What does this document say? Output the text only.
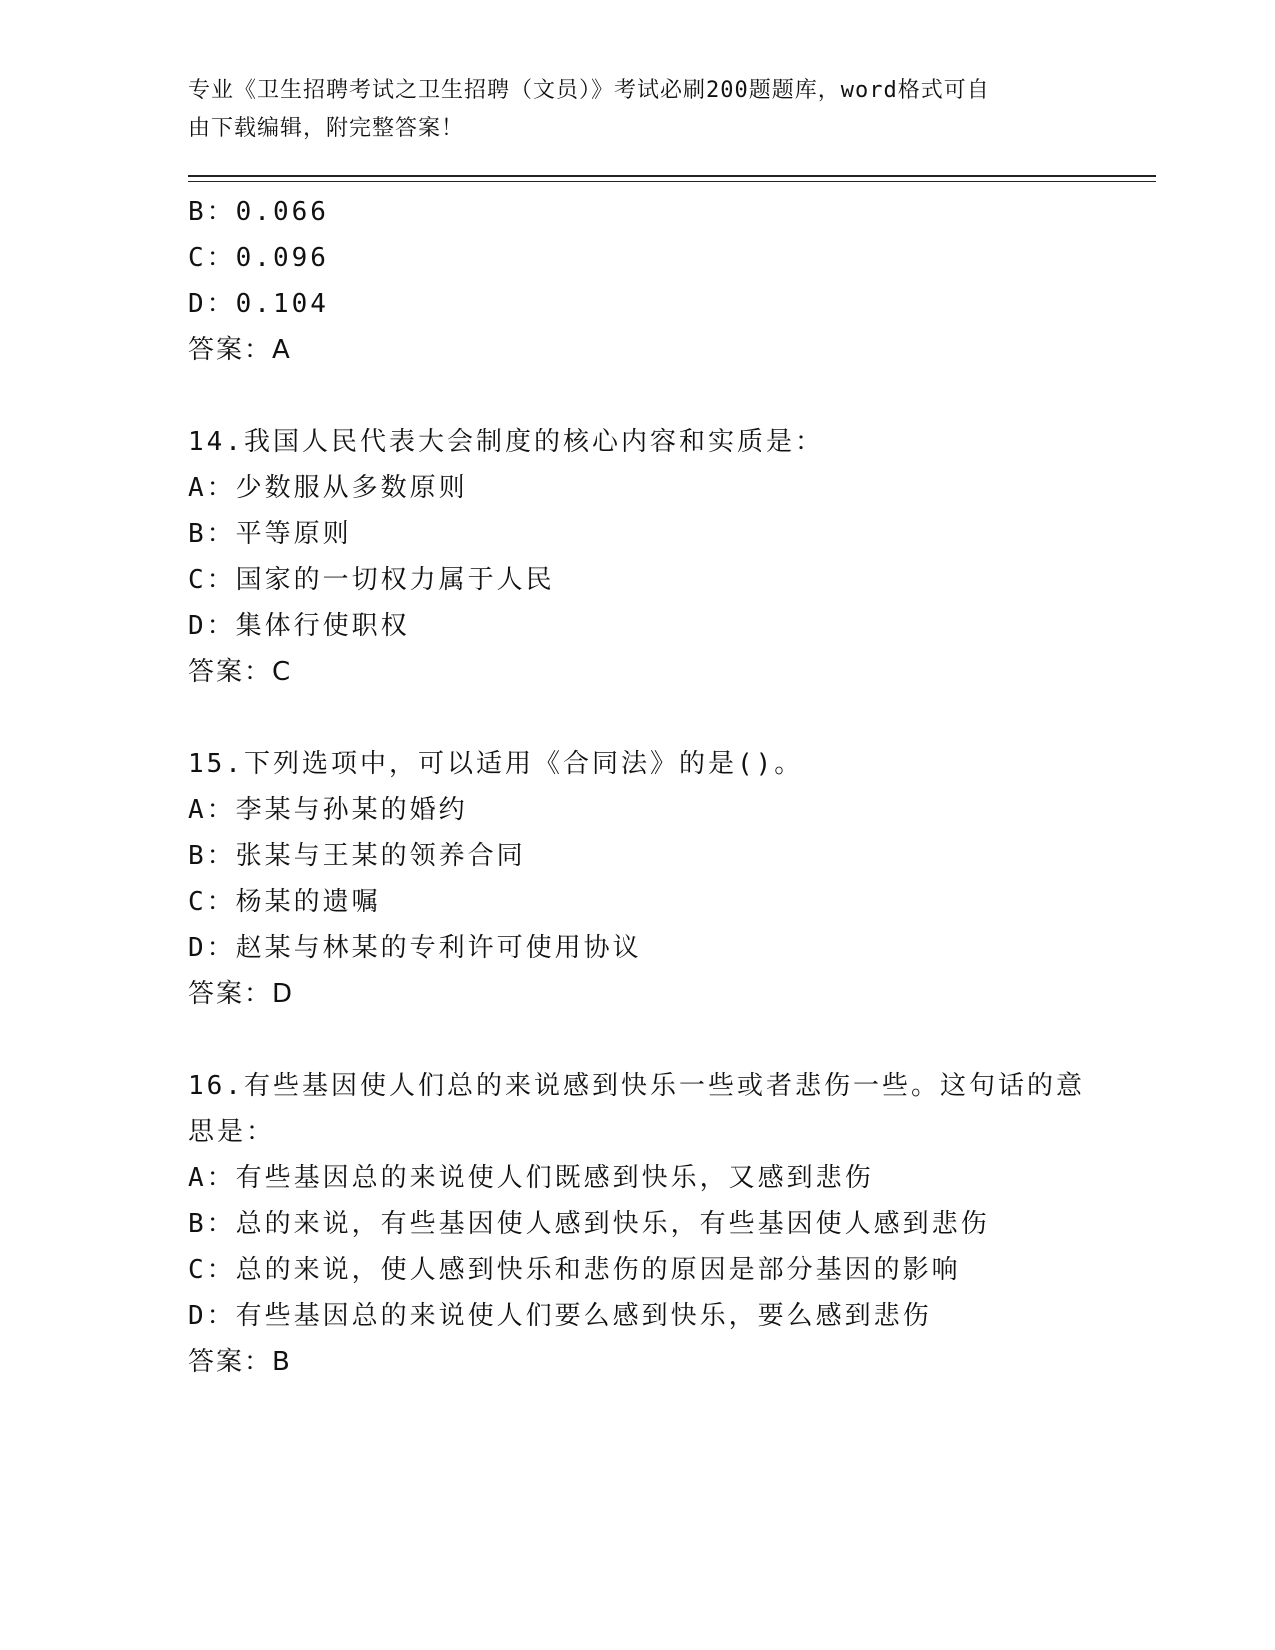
专业《卫生招聘考试之卫生招聘（文员）》考试必刷200题题库，word格式可自
由下载编辑，附完整答案！
B：0.066
C：0.096
D：0.104
答案：A
14.我国人民代表大会制度的核心内容和实质是：
A：少数服从多数原则
B：平等原则
C：国家的一切权力属于人民
D：集体行使职权
答案：C
15.下列选项中，可以适用《合同法》的是()。
A：李某与孙某的婚约
B：张某与王某的领养合同
C：杨某的遗嘱
D：赵某与林某的专利许可使用协议
答案：D
16.有些基因使人们总的来说感到快乐一些或者悲伤一些。这句话的意
思是：
A：有些基因总的来说使人们既感到快乐，又感到悲伤
B：总的来说，有些基因使人感到快乐，有些基因使人感到悲伤
C：总的来说，使人感到快乐和悲伤的原因是部分基因的影响
D：有些基因总的来说使人们要么感到快乐，要么感到悲伤
答案：B
